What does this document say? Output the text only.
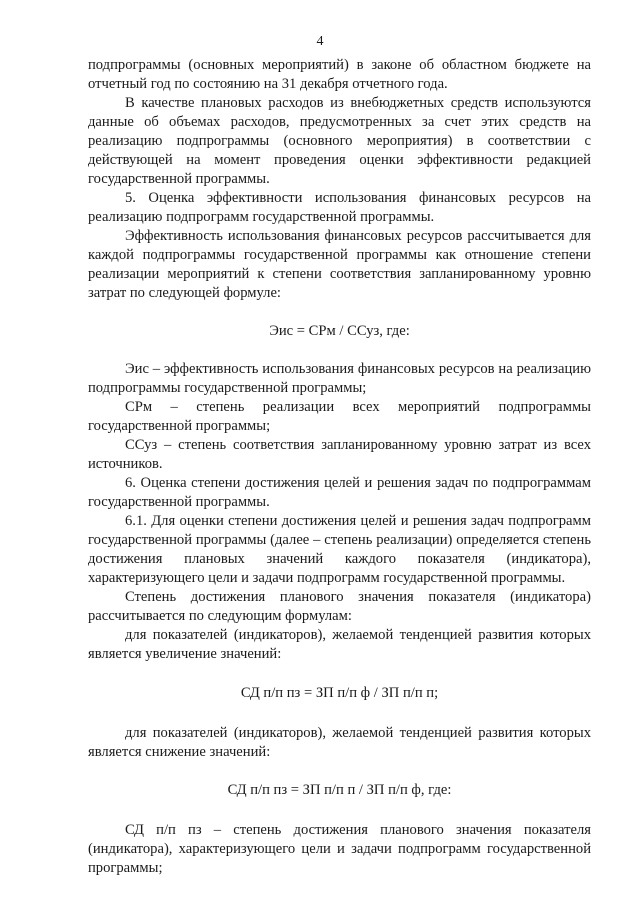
4

подпрограммы (основных мероприятий) в законе об областном бюджете на отчетный год по состоянию на 31 декабря отчетного года.

В качестве плановых расходов из внебюджетных средств используются данные об объемах расходов, предусмотренных за счет этих средств на реализацию подпрограммы (основного мероприятия) в соответствии с действующей на момент проведения оценки эффективности редакцией государственной программы.

5. Оценка эффективности использования финансовых ресурсов на реализацию подпрограмм государственной программы.

Эффективность использования финансовых ресурсов рассчитывается для каждой подпрограммы государственной программы как отношение степени реализации мероприятий к степени соответствия запланированному уровню затрат по следующей формуле:

Эис = СРм / ССуз, где:

Эис – эффективность использования финансовых ресурсов на реализацию подпрограммы государственной программы;

СРм – степень реализации всех мероприятий подпрограммы государственной программы;

ССуз – степень соответствия запланированному уровню затрат из всех источников.

6. Оценка степени достижения целей и решения задач по подпрограммам государственной программы.

6.1. Для оценки степени достижения целей и решения задач подпрограмм государственной программы (далее – степень реализации) определяется степень достижения плановых значений каждого показателя (индикатора), характеризующего цели и задачи подпрограмм государственной программы.

Степень достижения планового значения показателя (индикатора) рассчитывается по следующим формулам:

для показателей (индикаторов), желаемой тенденцией развития которых является увеличение значений:

СД п/п пз = ЗП п/п ф / ЗП п/п п;

для показателей (индикаторов), желаемой тенденцией развития которых является снижение значений:

СД п/п пз = ЗП п/п п / ЗП п/п ф, где:

СД п/п пз – степень достижения планового значения показателя (индикатора), характеризующего цели и задачи подпрограмм государственной программы;
